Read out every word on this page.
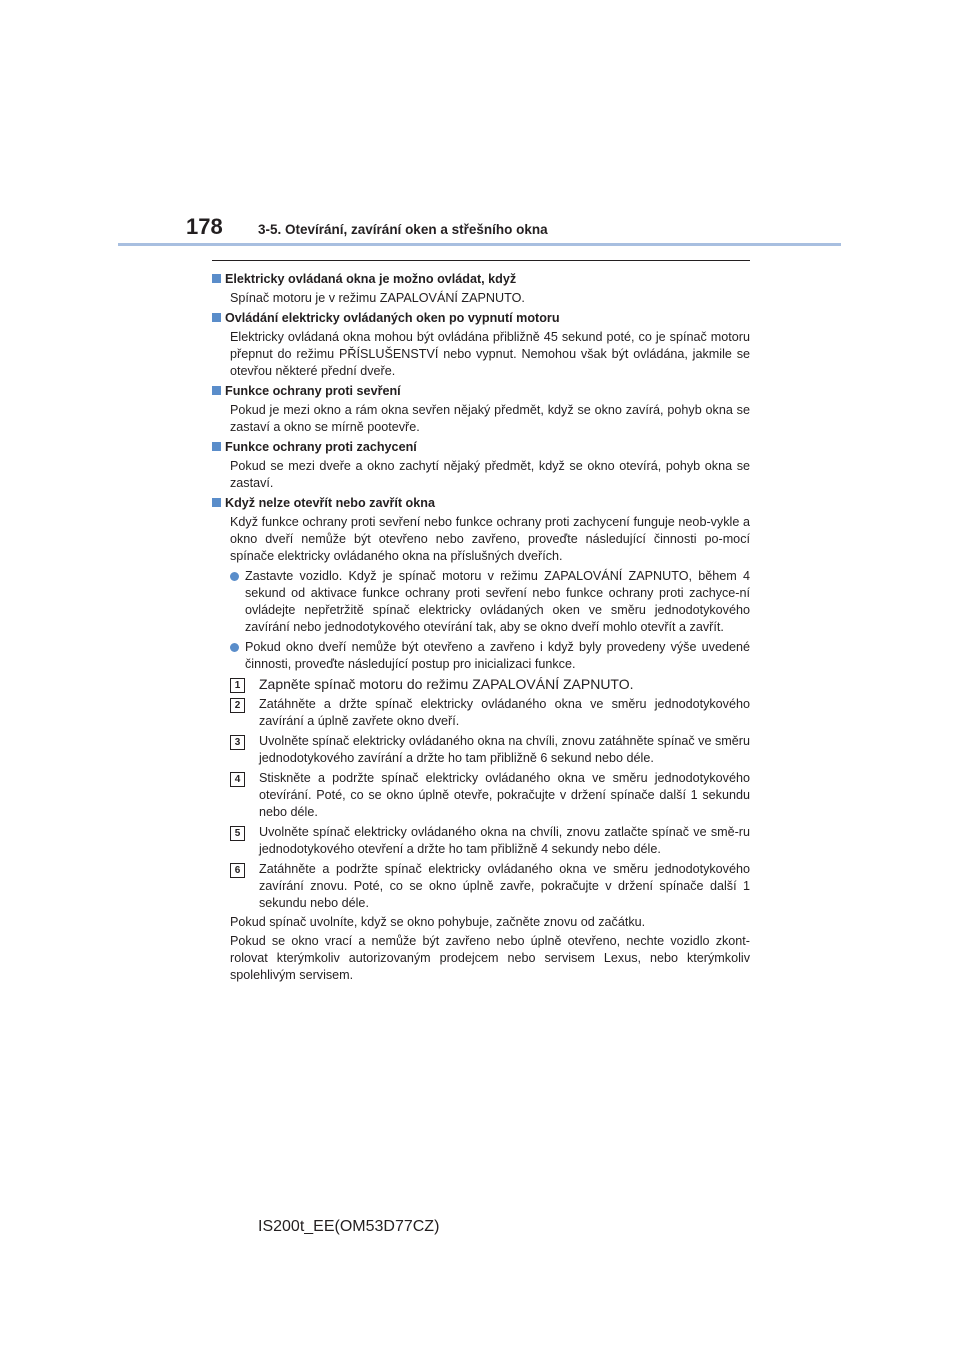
178	3-5. Otevírání, zavírání oken a střešního okna
Elektricky ovládaná okna je možno ovládat, když
Spínač motoru je v režimu ZAPALOVÁNÍ ZAPNUTO.
Ovládání elektricky ovládaných oken po vypnutí motoru
Elektricky ovládaná okna mohou být ovládána přibližně 45 sekund poté, co je spínač motoru přepnut do režimu PŘÍSLUŠENSTVÍ nebo vypnut. Nemohou však být ovládána, jakmile se otevřou některé přední dveře.
Funkce ochrany proti sevření
Pokud je mezi okno a rám okna sevřen nějaký předmět, když se okno zavírá, pohyb okna se zastaví a okno se mírně pootevře.
Funkce ochrany proti zachycení
Pokud se mezi dveře a okno zachytí nějaký předmět, když se okno otevírá, pohyb okna se zastaví.
Když nelze otevřít nebo zavřít okna
Když funkce ochrany proti sevření nebo funkce ochrany proti zachycení funguje neob-vykle a okno dveří nemůže být otevřeno nebo zavřeno, proveďte následující činnosti po-mocí spínače elektricky ovládaného okna na příslušných dveřích.
Zastavte vozidlo. Když je spínač motoru v režimu ZAPALOVÁNÍ ZAPNUTO, během 4 sekund od aktivace funkce ochrany proti sevření nebo funkce ochrany proti zachyce-ní ovládejte nepřetržitě spínač elektricky ovládaných oken ve směru jednodotykového zavírání nebo jednodotykového otevírání tak, aby se okno dveří mohlo otevřít a zavřít.
Pokud okno dveří nemůže být otevřeno a zavřeno i když byly provedeny výše uvedené činnosti, proveďte následující postup pro inicializaci funkce.
1	Zapněte spínač motoru do režimu ZAPALOVÁNÍ ZAPNUTO.
2	Zatáhněte a držte spínač elektricky ovládaného okna ve směru jednodotykového zavírání a úplně zavřete okno dveří.
3	Uvolněte spínač elektricky ovládaného okna na chvíli, znovu zatáhněte spínač ve směru jednodotykového zavírání a držte ho tam přibližně 6 sekund nebo déle.
4	Stiskněte a podržte spínač elektricky ovládaného okna ve směru jednodotykového otevírání. Poté, co se okno úplně otevře, pokračujte v držení spínače další 1 sekundu nebo déle.
5	Uvolněte spínač elektricky ovládaného okna na chvíli, znovu zatlačte spínač ve smě-ru jednodotykového otevření a držte ho tam přibližně 4 sekundy nebo déle.
6	Zatáhněte a podržte spínač elektricky ovládaného okna ve směru jednodotykového zavírání znovu. Poté, co se okno úplně zavře, pokračujte v držení spínače další 1 sekundu nebo déle.
Pokud spínač uvolníte, když se okno pohybuje, začněte znovu od začátku.
Pokud se okno vrací a nemůže být zavřeno nebo úplně otevřeno, nechte vozidlo zkont-rolovat kterýmkoliv autorizovaným prodejcem nebo servisem Lexus, nebo kterýmkoliv spolehlivým servisem.
IS200t_EE(OM53D77CZ)
